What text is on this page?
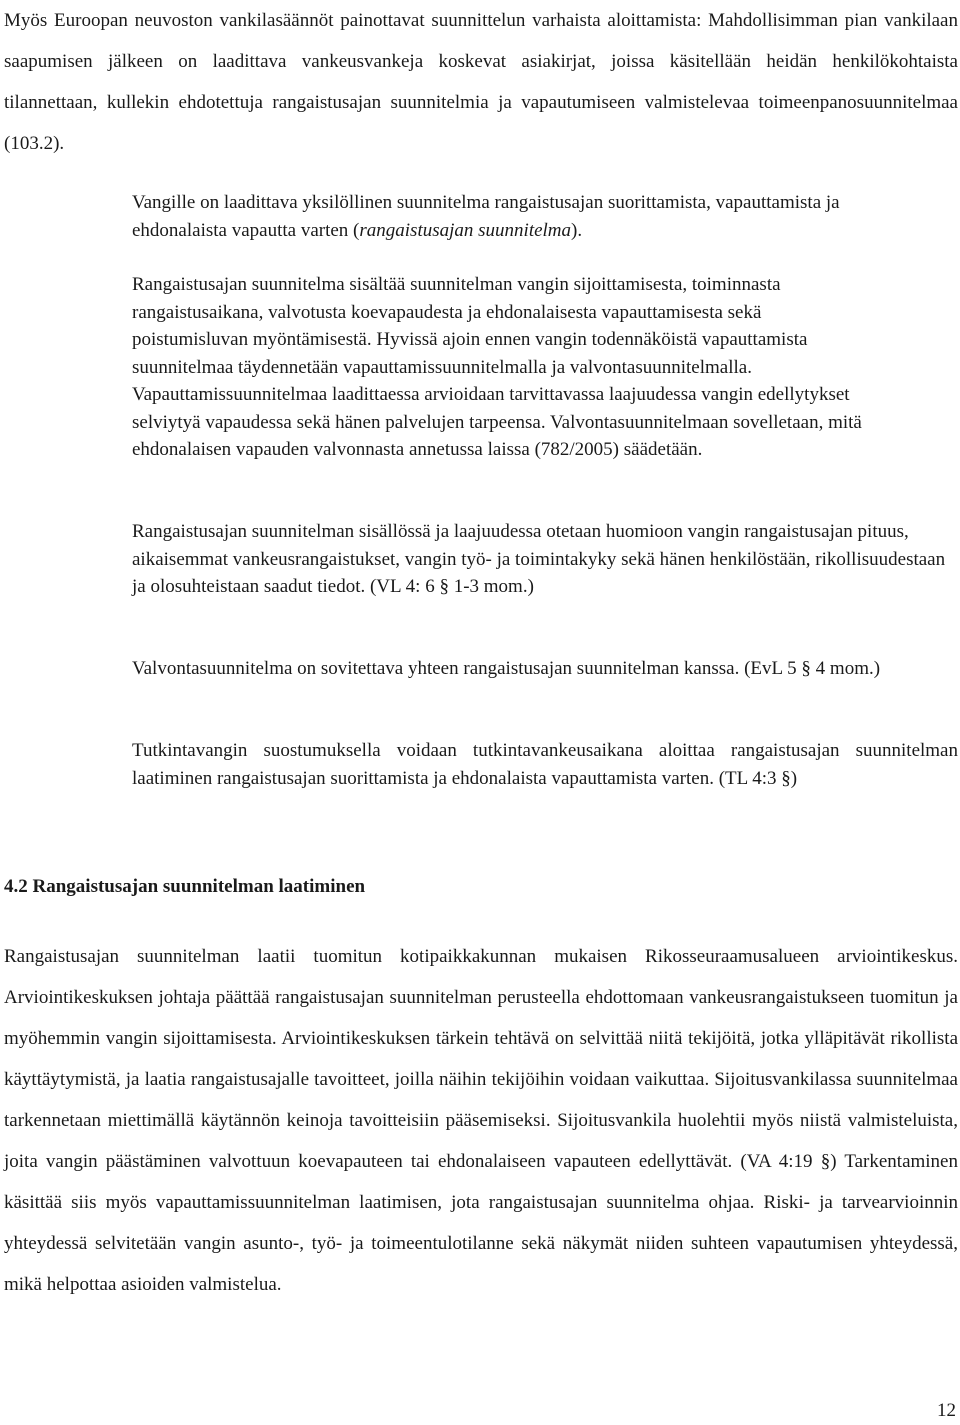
Myös Euroopan neuvoston vankilasäännöt painottavat suunnittelun varhaista aloittamista: Mahdollisimman pian vankilaan saapumisen jälkeen on laadittava vankeusvankeja koskevat asiakirjat, joissa käsitellään heidän henkilökohtaista tilannettaan, kullekin ehdotettuja rangaistusajan suunnitelmia ja vapautumiseen valmistelevaa toimeenpanosuunnitelmaa (103.2).

Vangille on laadittava yksilöllinen suunnitelma rangaistusajan suorittamista, vapauttamista ja ehdonalaista vapautta varten (rangaistusajan suunnitelma).

Rangaistusajan suunnitelma sisältää suunnitelman vangin sijoittamisesta, toiminnasta rangaistusaikana, valvotusta koevapaudesta ja ehdonalaisesta vapauttamisesta sekä poistumisluvan myöntämisestä. Hyvissä ajoin ennen vangin todennäköistä vapauttamista suunnitelmaa täydennetään vapauttamissuunnitelmalla ja valvontasuunnitelmalla. Vapauttamissuunnitelmaa laadittaessa arvioidaan tarvittavassa laajuudessa vangin edellytykset selviytyä vapaudessa sekä hänen palvelujen tarpeensa. Valvontasuunnitelmaan sovelletaan, mitä ehdonalaisen vapauden valvonnasta annetussa laissa (782/2005) säädetään.

Rangaistusajan suunnitelman sisällössä ja laajuudessa otetaan huomioon vangin rangaistusajan pituus, aikaisemmat vankeusrangaistukset, vangin työ- ja toimintakyky sekä hänen henkilöstään, rikollisuudestaan ja olosuhteistaan saadut tiedot. (VL 4: 6 § 1-3 mom.)

Valvontasuunnitelma on sovitettava yhteen rangaistusajan suunnitelman kanssa. (EvL 5 § 4 mom.)

Tutkintavangin suostumuksella voidaan tutkintavankeusaikana aloittaa rangaistusajan suunnitelman laatiminen rangaistusajan suorittamista ja ehdonalaista vapauttamista varten. (TL 4:3 §)

4.2 Rangaistusajan suunnitelman laatiminen

Rangaistusajan suunnitelman laatii tuomitun kotipaikkakunnan mukaisen Rikosseuraamusalueen arviointikeskus. Arviointikeskuksen johtaja päättää rangaistusajan suunnitelman perusteella ehdottomaan vankeusrangaistukseen tuomitun ja myöhemmin vangin sijoittamisesta. Arviointikeskuksen tärkein tehtävä on selvittää niitä tekijöitä, jotka ylläpitävät rikollista käyttäytymistä, ja laatia rangaistusajalle tavoitteet, joilla näihin tekijöihin voidaan vaikuttaa. Sijoitusvankilassa suunnitelmaa tarkennetaan miettimällä käytännön keinoja tavoitteisiin pääsemiseksi. Sijoitusvankila huolehtii myös niistä valmisteluista, joita vangin päästäminen valvottuun koevapauteen tai ehdonalaiseen vapauteen edellyttävät. (VA 4:19 §) Tarkentaminen käsittää siis myös vapauttamissuunnitelman laatimisen, jota rangaistusajan suunnitelma ohjaa. Riski- ja tarvearvioinnin yhteydessä selvitetään vangin asunto-, työ- ja toimeentulotilanne sekä näkymät niiden suhteen vapautumisen yhteydessä, mikä helpottaa asioiden valmistelua.

12
